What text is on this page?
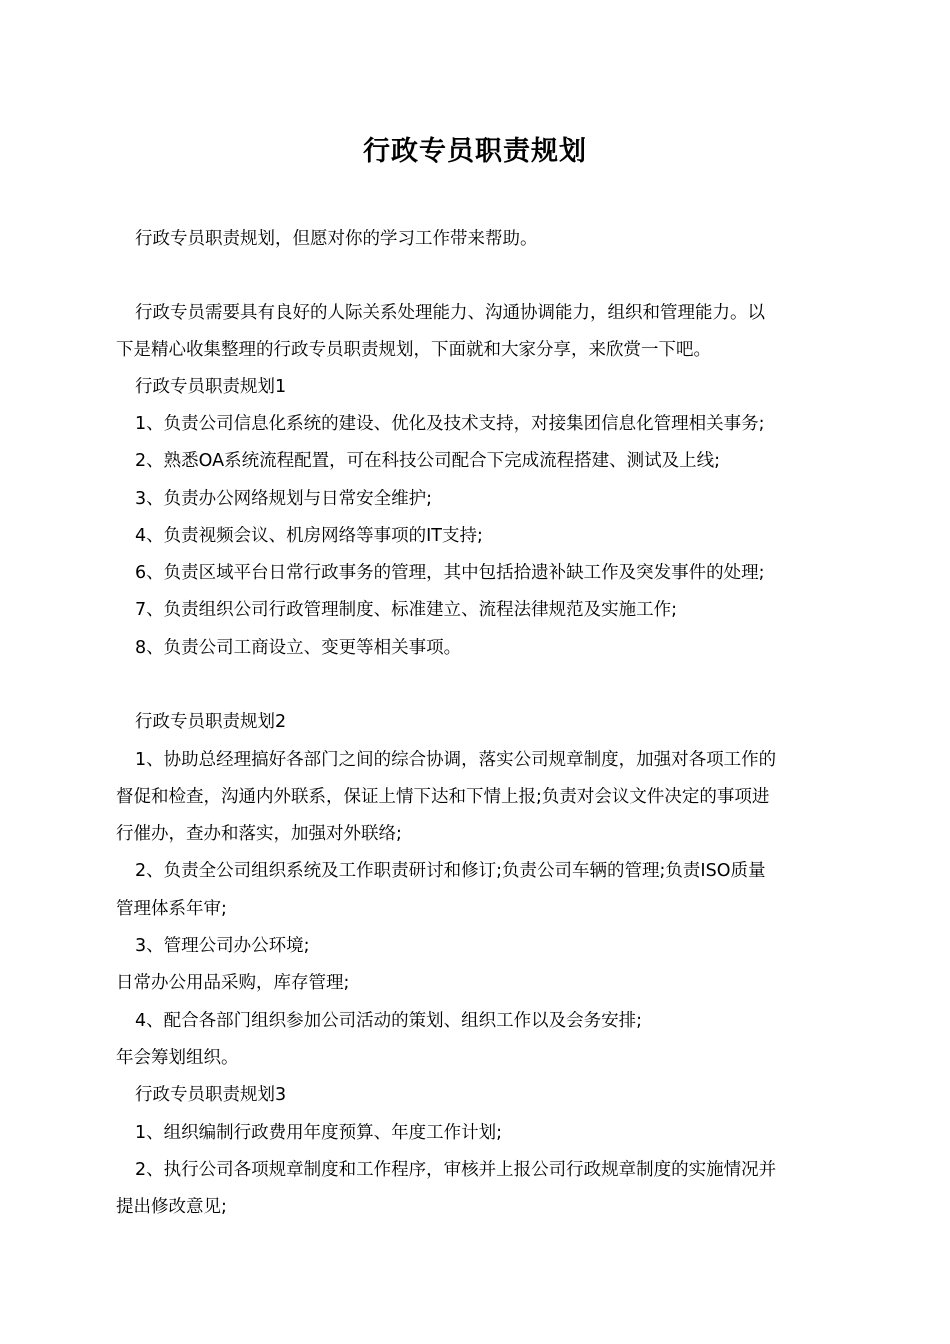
行政专员职责规划
行政专员职责规划，但愿对你的学习工作带来帮助。
行政专员需要具有良好的人际关系处理能力、沟通协调能力，组织和管理能力。以
下是精心收集整理的行政专员职责规划，下面就和大家分享，来欣赏一下吧。
行政专员职责规划1
1、负责公司信息化系统的建设、优化及技术支持，对接集团信息化管理相关事务;
2、熟悉OA系统流程配置，可在科技公司配合下完成流程搭建、测试及上线;
3、负责办公网络规划与日常安全维护;
4、负责视频会议、机房网络等事项的IT支持;
6、负责区域平台日常行政事务的管理，其中包括拾遗补缺工作及突发事件的处理;
7、负责组织公司行政管理制度、标准建立、流程法律规范及实施工作;
8、负责公司工商设立、变更等相关事项。
行政专员职责规划2
1、协助总经理搞好各部门之间的综合协调，落实公司规章制度，加强对各项工作的
督促和检查，沟通内外联系，保证上情下达和下情上报;负责对会议文件决定的事项进
行催办，查办和落实，加强对外联络;
2、负责全公司组织系统及工作职责研讨和修订;负责公司车辆的管理;负责ISO质量
管理体系年审;
3、管理公司办公环境;
日常办公用品采购，库存管理;
4、配合各部门组织参加公司活动的策划、组织工作以及会务安排;
年会筹划组织。
行政专员职责规划3
1、组织编制行政费用年度预算、年度工作计划;
2、执行公司各项规章制度和工作程序，审核并上报公司行政规章制度的实施情况并
提出修改意见;
